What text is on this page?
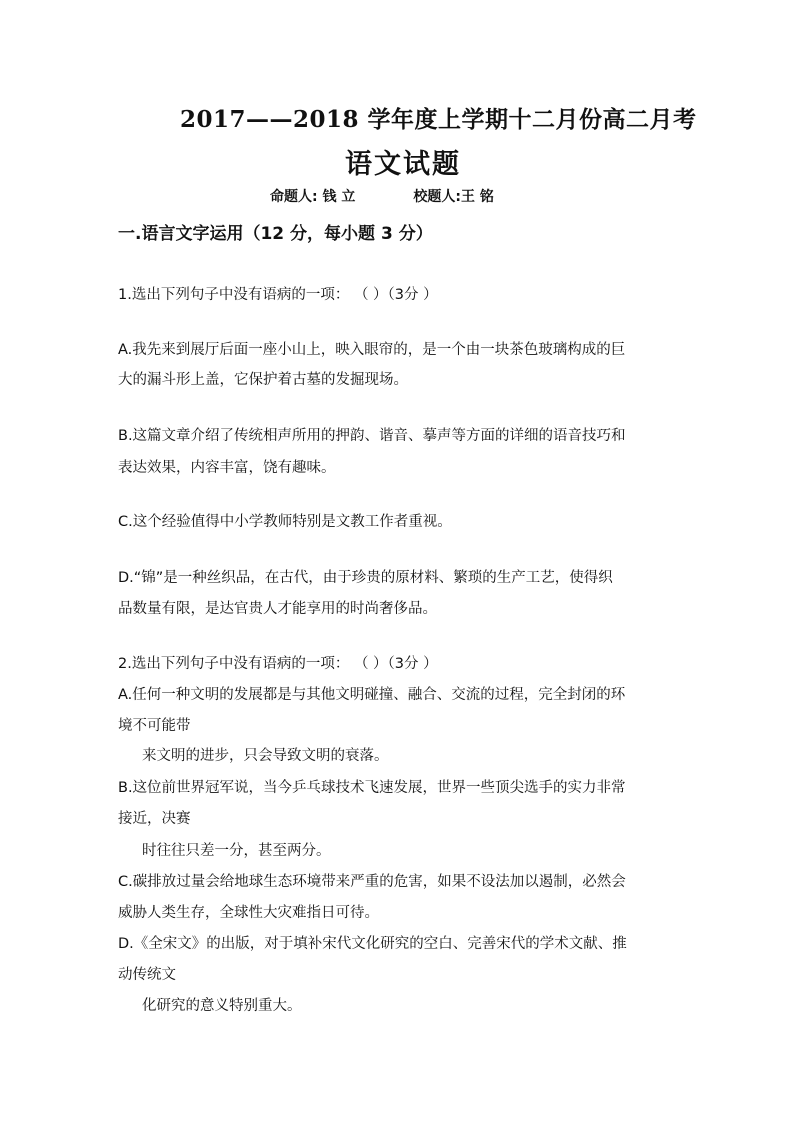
2017——2018 学年度上学期十二月份高二月考
语文试题
命题人: 钱 立	校题人:王 铭
一.语言文字运用（12 分，每小题 3 分）
1.选出下列句子中没有语病的一项： （ ）（3分 ）
A.我先来到展厅后面一座小山上，映入眼帘的，是一个由一块茶色玻璃构成的巨
大的漏斗形上盖，它保护着古墓的发掘现场。
B.这篇文章介绍了传统相声所用的押韵、谐音、摹声等方面的详细的语音技巧和
表达效果，内容丰富，饶有趣味。
C.这个经验值得中小学教师特别是文教工作者重视。
D.“锦”是一种丝织品，在古代，由于珍贵的原材料、繁琐的生产工艺，使得织
品数量有限，是达官贵人才能享用的时尚奢侈品。
2.选出下列句子中没有语病的一项： （ ）（3分 ）
A.任何一种文明的发展都是与其他文明碰撞、融合、交流的过程，完全封闭的环
境不可能带
来文明的进步，只会导致文明的衰落。
B.这位前世界冠军说，当今乒乓球技术飞速发展，世界一些顶尖选手的实力非常
接近，决赛
时往往只差一分，甚至两分。
C.碳排放过量会给地球生态环境带来严重的危害，如果不设法加以遏制，必然会
威胁人类生存，全球性大灾难指日可待。
D.《全宋文》的出版，对于填补宋代文化研究的空白、完善宋代的学术文献、推
动传统文
化研究的意义特别重大。
